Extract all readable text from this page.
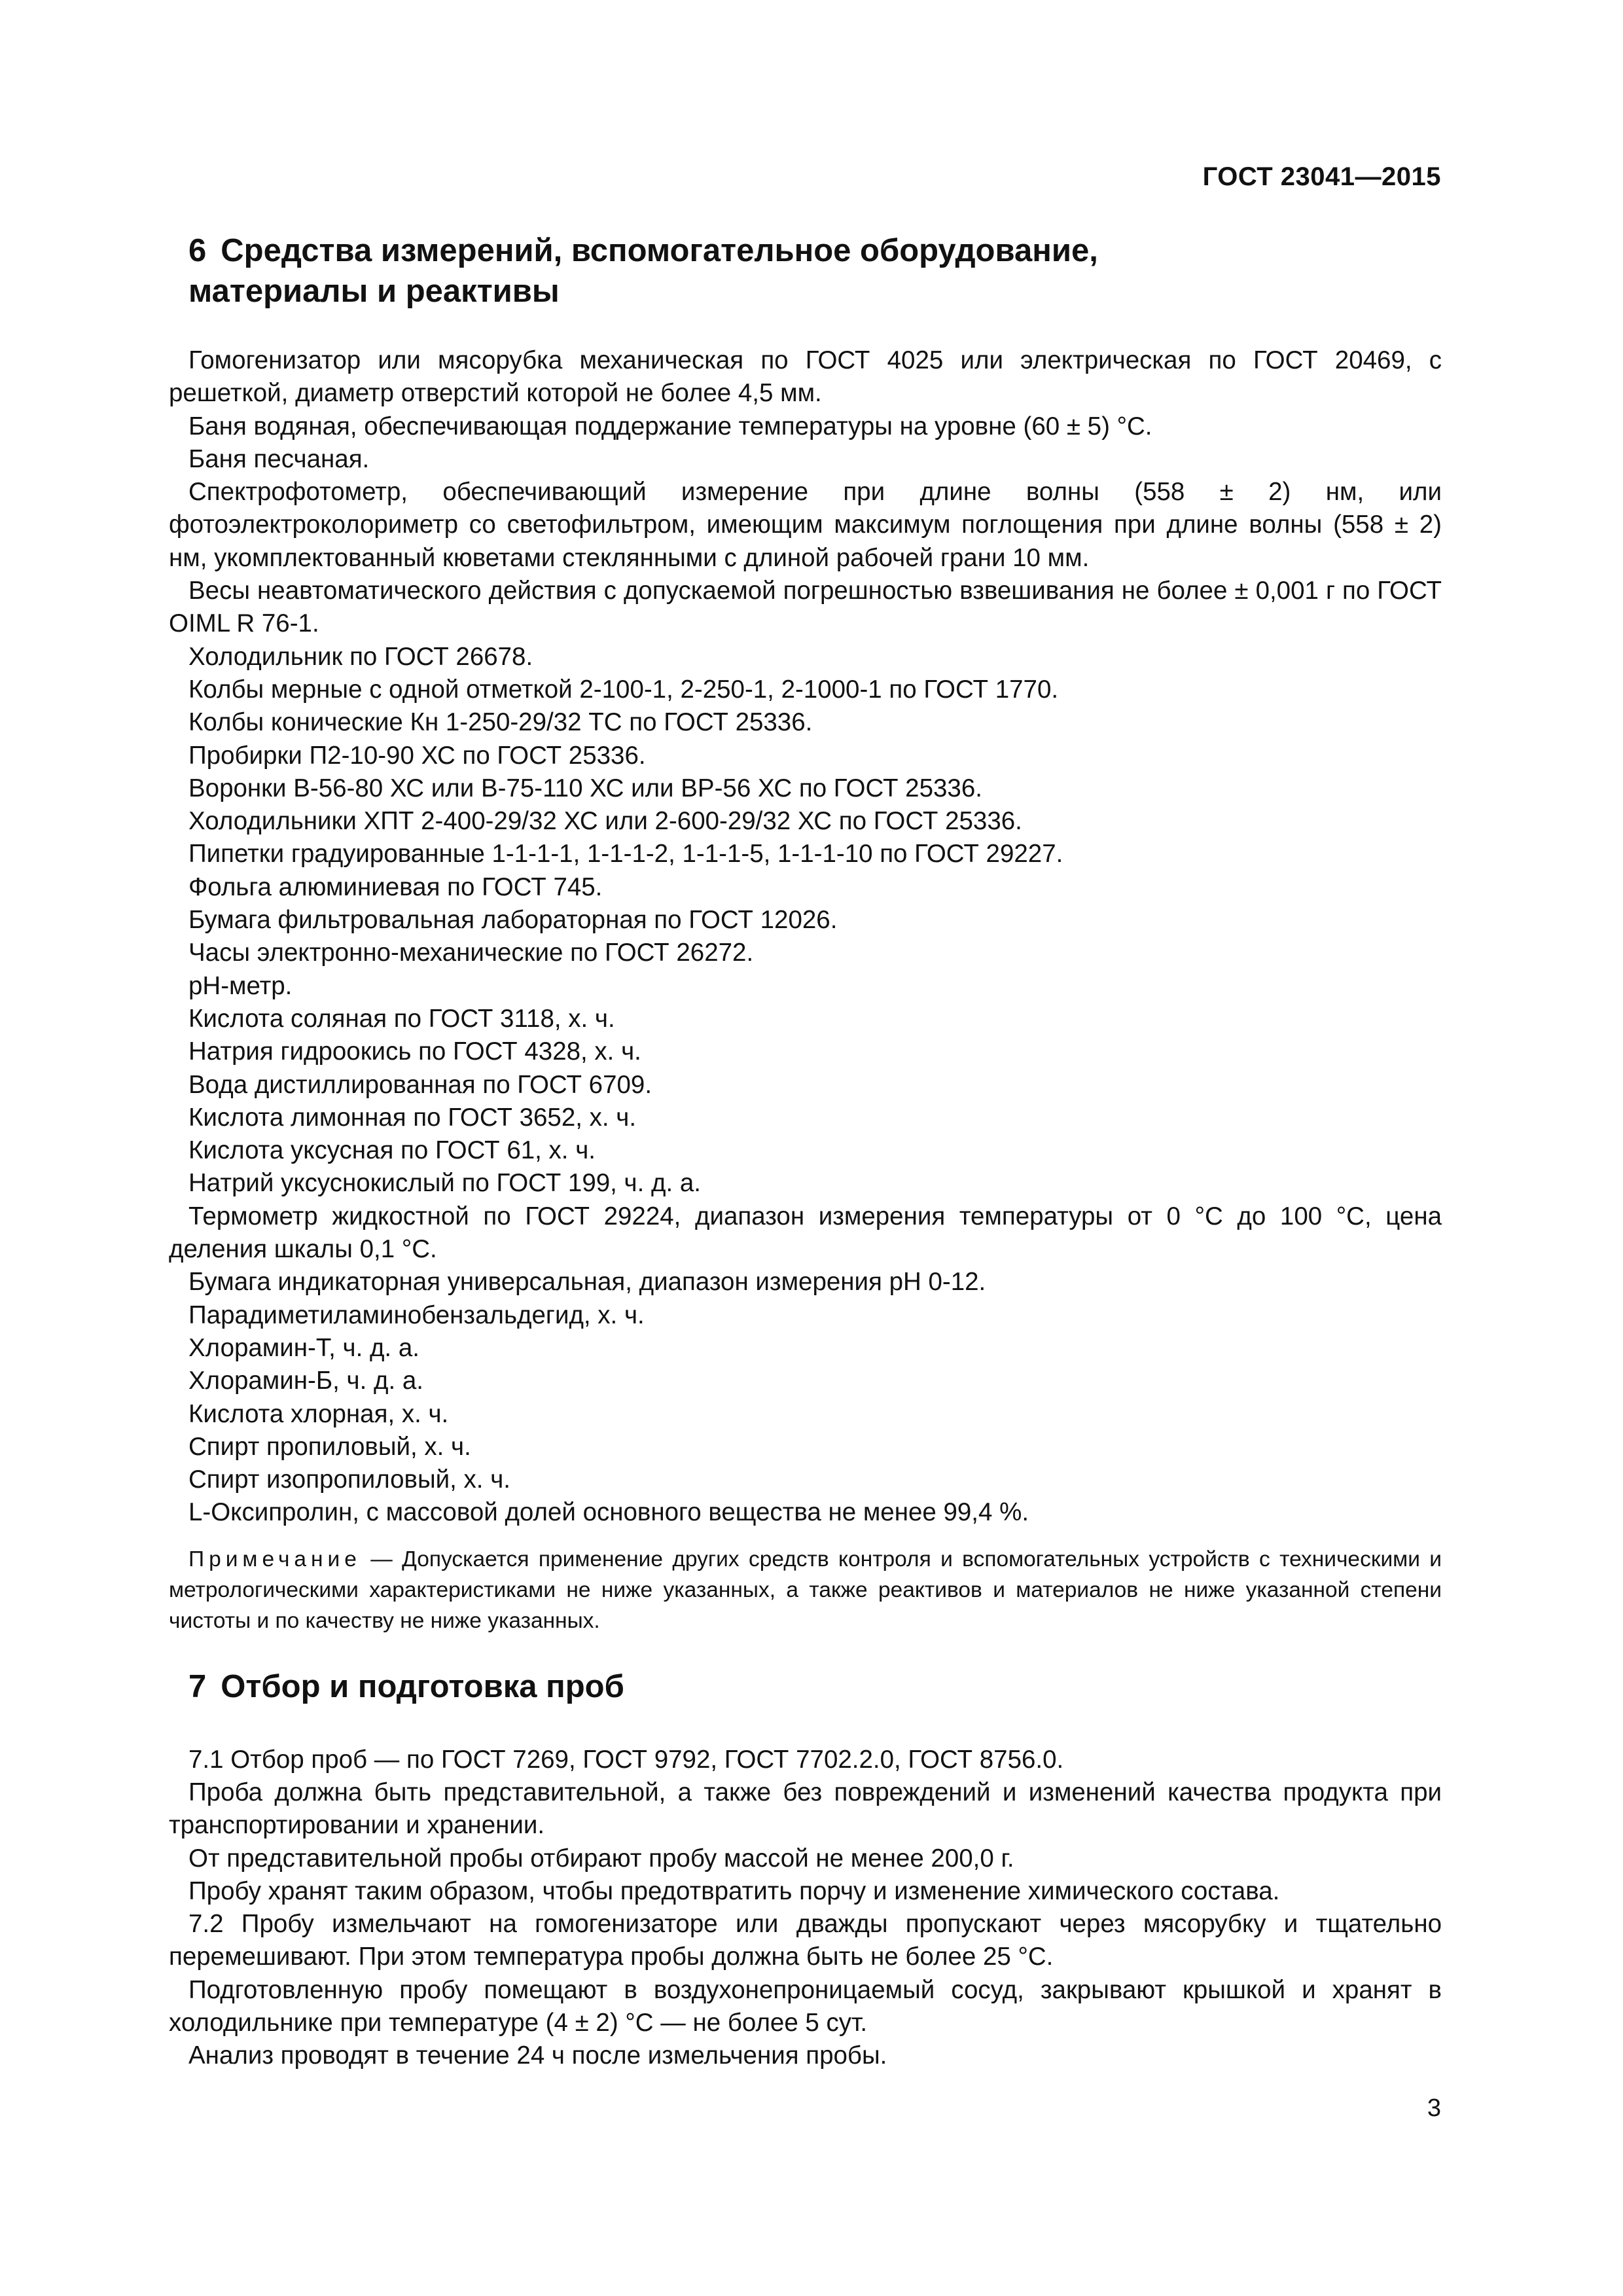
ГОСТ 23041—2015
6 Средства измерений, вспомогательное оборудование,
материалы и реактивы

Гомогенизатор или мясорубка механическая по ГОСТ 4025 или электрическая по ГОСТ 20469, с решеткой, диаметр отверстий которой не более 4,5 мм.

Баня водяная, обеспечивающая поддержание температуры на уровне (60 ± 5) °С.

Баня песчаная.

Спектрофотометр, обеспечивающий измерение при длине волны (558 ± 2) нм, или фотоэлектроколориметр со светофильтром, имеющим максимум поглощения при длине волны (558 ± 2) нм, укомплектованный кюветами стеклянными с длиной рабочей грани 10 мм.

Весы неавтоматического действия с допускаемой погрешностью взвешивания не более ± 0,001 г по ГОСТ OIML R 76-1.

Холодильник по ГОСТ 26678.

Колбы мерные с одной отметкой 2-100-1, 2-250-1, 2-1000-1 по ГОСТ 1770.

Колбы конические Кн 1-250-29/32 ТС по ГОСТ 25336.

Пробирки П2-10-90 ХС по ГОСТ 25336.

Воронки В-56-80 ХС или В-75-110 ХС или ВР-56 ХС по ГОСТ 25336.

Холодильники ХПТ 2-400-29/32 ХС или 2-600-29/32 ХС по ГОСТ 25336.

Пипетки градуированные 1-1-1-1, 1-1-1-2, 1-1-1-5, 1-1-1-10 по ГОСТ 29227.

Фольга алюминиевая по ГОСТ 745.

Бумага фильтровальная лабораторная по ГОСТ 12026.

Часы электронно-механические по ГОСТ 26272.

рН-метр.

Кислота соляная по ГОСТ 3118, х. ч.

Натрия гидроокись по ГОСТ 4328, х. ч.

Вода дистиллированная по ГОСТ 6709.

Кислота лимонная по ГОСТ 3652, х. ч.

Кислота уксусная по ГОСТ 61, х. ч.

Натрий уксуснокислый по ГОСТ 199, ч. д. а.

Термометр жидкостной по ГОСТ 29224, диапазон измерения температуры от 0 °С до 100 °С, цена деления шкалы 0,1 °С.

Бумага индикаторная универсальная, диапазон измерения рН 0-12.

Парадиметиламинобензальдегид, х. ч.

Хлорамин-Т, ч. д. а.

Хлорамин-Б, ч. д. а.

Кислота хлорная, х. ч.

Спирт пропиловый, х. ч.

Спирт изопропиловый, х. ч.

L-Оксипролин, с массовой долей основного вещества не менее 99,4 %.

Примечание — Допускается применение других средств контроля и вспомогательных устройств с техническими и метрологическими характеристиками не ниже указанных, а также реактивов и материалов не ниже указанной степени чистоты и по качеству не ниже указанных.
7 Отбор и подготовка проб

7.1 Отбор проб — по ГОСТ 7269, ГОСТ 9792, ГОСТ 7702.2.0, ГОСТ 8756.0.

Проба должна быть представительной, а также без повреждений и изменений качества продукта при транспортировании и хранении.

От представительной пробы отбирают пробу массой не менее 200,0 г.

Пробу хранят таким образом, чтобы предотвратить порчу и изменение химического состава.

7.2 Пробу измельчают на гомогенизаторе или дважды пропускают через мясорубку и тщательно перемешивают. При этом температура пробы должна быть не более 25 °С.

Подготовленную пробу помещают в воздухонепроницаемый сосуд, закрывают крышкой и хранят в холодильнике при температуре (4 ± 2) °С — не более 5 сут.

Анализ проводят в течение 24 ч после измельчения пробы.

3
